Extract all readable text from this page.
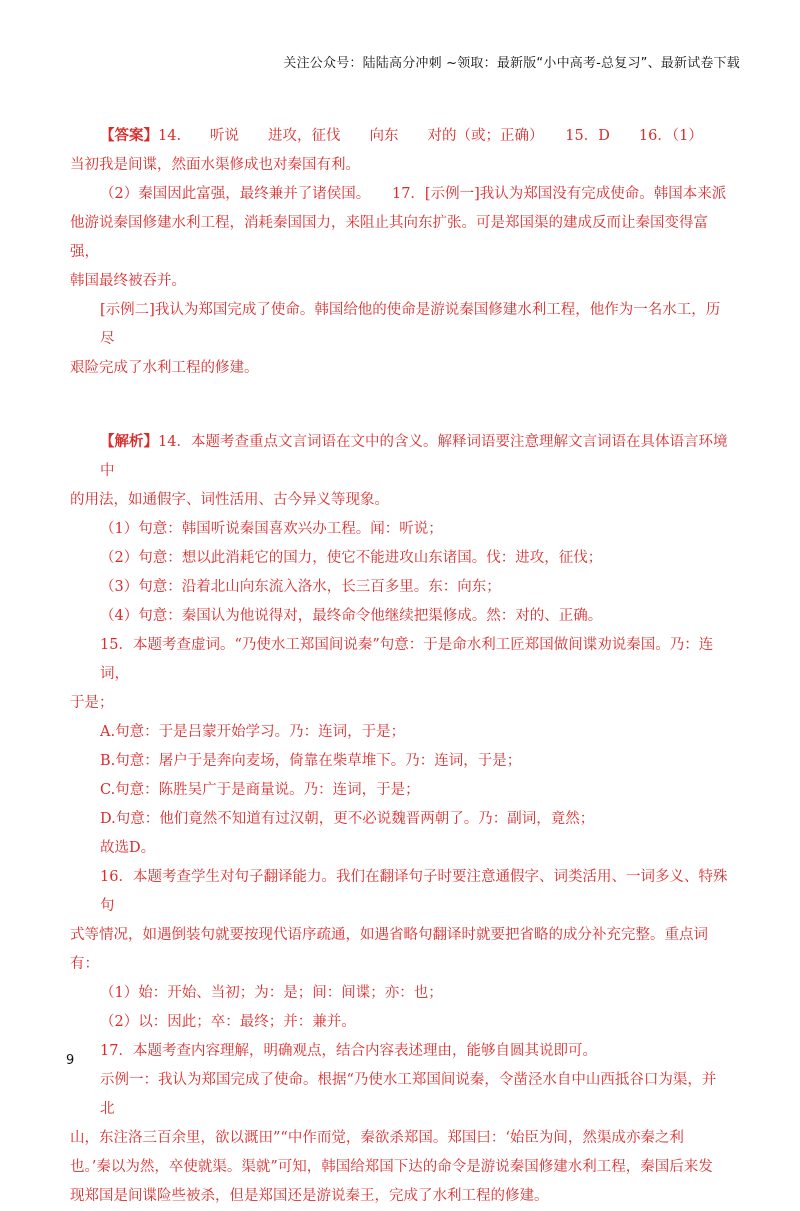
关注公众号：陆陆高分冲刺 ~领取：最新版“小中高考-总复习”、最新试卷下载
【答案】14.　　听说　　进攻，征伐　　向东　　对的（或；正确）　　15．D　　16．（1）
当初我是间谍，然面水渠修成也对秦国有利。
（2）秦国因此富强，最终兼并了诸侯国。　　17．[示例一]我认为郑国没有完成使命。韩国本来派
他游说秦国修建水利工程，消耗秦国国力，来阻止其向东扩张。可是郑国渠的建成反而让秦国变得富强，
韩国最终被吞并。
[示例二]我认为郑国完成了使命。韩国给他的使命是游说秦国修建水利工程，他作为一名水工，历尽
艰险完成了水利工程的修建。
【解析】14．本题考查重点文言词语在文中的含义。解释词语要注意理解文言词语在具体语言环境中
的用法，如通假字、词性活用、古今异义等现象。
（1）句意：韩国听说秦国喜欢兴办工程。闻：听说；
（2）句意：想以此消耗它的国力，使它不能进攻山东诸国。伐：进攻，征伐；
（3）句意：沿着北山向东流入洛水，长三百多里。东：向东；
（4）句意：秦国认为他说得对，最终命令他继续把渠修成。然：对的、正确。
15．本题考查虚词。“乃使水工郑国间说秦”句意：于是命水利工匠郑国做间谍劝说秦国。乃：连词，
于是；
A.句意：于是吕蒙开始学习。乃：连词，于是；
B.句意：屠户于是奔向麦场，倚靠在柴草堆下。乃：连词，于是；
C.句意：陈胜吴广于是商量说。乃：连词，于是；
D.句意：他们竟然不知道有过汉朝，更不必说魏晋两朝了。乃：副词，竟然；
故选D。
16．本题考查学生对句子翻译能力。我们在翻译句子时要注意通假字、词类活用、一词多义、特殊句
式等情况，如遇倒装句就要按现代语序疏通，如遇省略句翻译时就要把省略的成分补充完整。重点词有：
（1）始：开始、当初；为：是；间：间谍；亦：也；
（2）以：因此；卒：最终；并：兼并。
17．本题考查内容理解，明确观点，结合内容表述理由，能够自圆其说即可。
示例一：我认为郑国完成了使命。根据“乃使水工郑国间说秦，令凿泾水自中山西抵谷口为渠，并北
山，东注洛三百余里，欲以溉田”“中作而觉，秦欲杀郑国。郑国曰：‘始臣为间，然渠成亦秦之利
也。’秦以为然，卒使就渠。渠就”可知，韩国给郑国下达的命令是游说秦国修建水利工程，秦国后来发
现郑国是间谍险些被杀，但是郑国还是游说秦王，完成了水利工程的修建。
9
